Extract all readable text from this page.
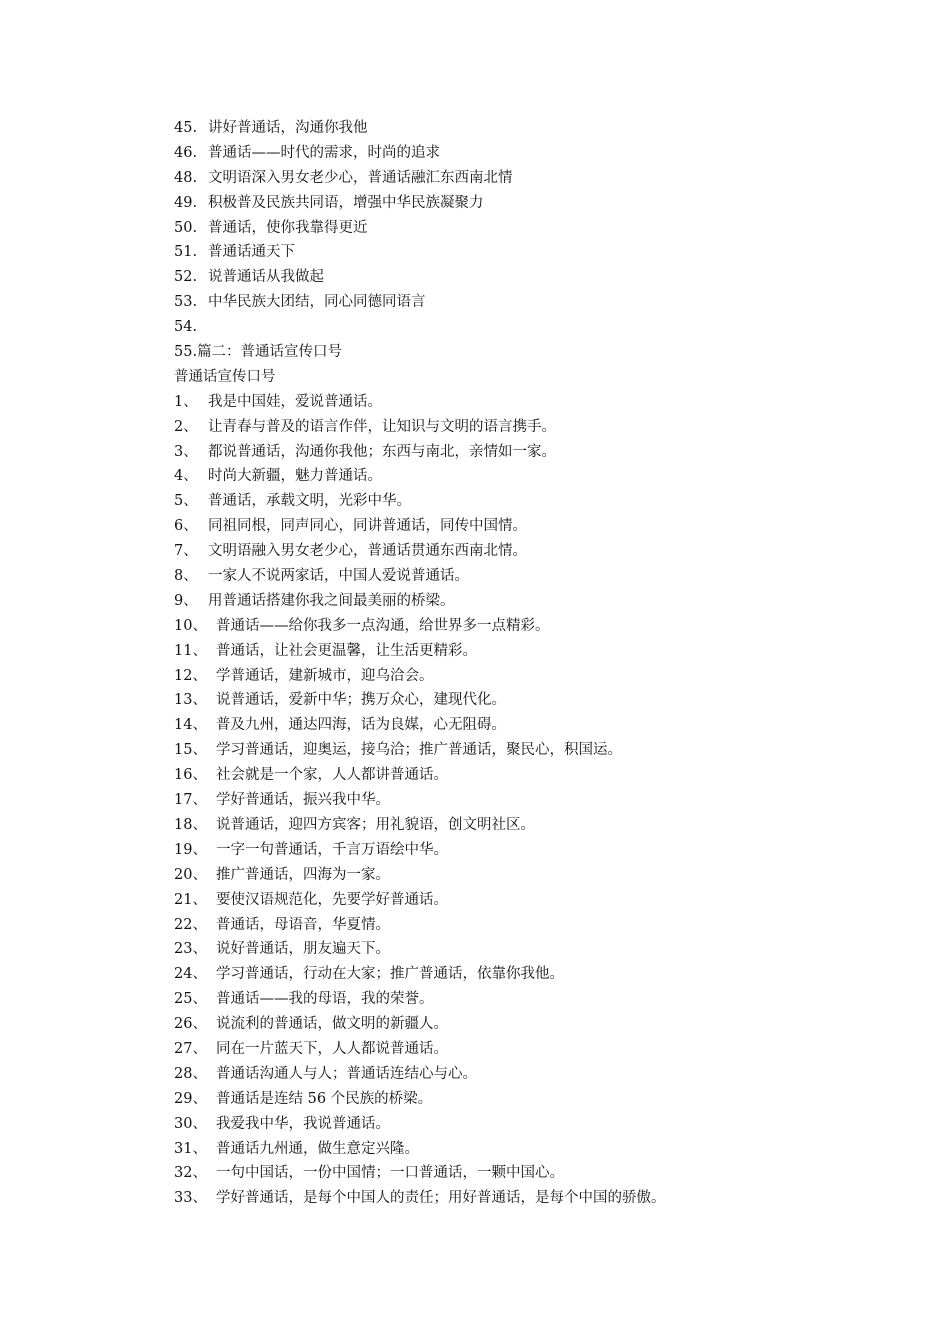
45. 讲好普通话，沟通你我他
46. 普通话——时代的需求，时尚的追求
48. 文明语深入男女老少心，普通话融汇东西南北情
49. 积极普及民族共同语，增强中华民族凝聚力
50. 普通话，使你我靠得更近
51. 普通话通天下
52. 说普通话从我做起
53. 中华民族大团结，同心同德同语言
54.
55.篇二：普通话宣传口号
普通话宣传口号
1、 我是中国娃，爱说普通话。
2、 让青春与普及的语言作伴，让知识与文明的语言携手。
3、 都说普通话，沟通你我他；东西与南北，亲情如一家。
4、 时尚大新疆，魅力普通话。
5、 普通话，承载文明，光彩中华。
6、 同祖同根，同声同心，同讲普通话，同传中国情。
7、 文明语融入男女老少心，普通话贯通东西南北情。
8、 一家人不说两家话，中国人爱说普通话。
9、 用普通话搭建你我之间最美丽的桥梁。
10、 普通话——给你我多一点沟通，给世界多一点精彩。
11、 普通话，让社会更温馨，让生活更精彩。
12、 学普通话，建新城市，迎乌洽会。
13、 说普通话，爱新中华；携万众心，建现代化。
14、 普及九州，通达四海，话为良媒，心无阻碍。
15、 学习普通话，迎奥运，接乌洽；推广普通话，聚民心，积国运。
16、 社会就是一个家，人人都讲普通话。
17、 学好普通话，振兴我中华。
18、 说普通话，迎四方宾客；用礼貌语，创文明社区。
19、 一字一句普通话，千言万语绘中华。
20、 推广普通话，四海为一家。
21、 要使汉语规范化，先要学好普通话。
22、 普通话，母语音，华夏情。
23、 说好普通话，朋友遍天下。
24、 学习普通话，行动在大家；推广普通话，依靠你我他。
25、 普通话——我的母语，我的荣誉。
26、 说流利的普通话，做文明的新疆人。
27、 同在一片蓝天下，人人都说普通话。
28、 普通话沟通人与人；普通话连结心与心。
29、 普通话是连结 56 个民族的桥梁。
30、 我爱我中华，我说普通话。
31、 普通话九州通，做生意定兴隆。
32、 一句中国话，一份中国情；一口普通话，一颗中国心。
33、 学好普通话，是每个中国人的责任；用好普通话，是每个中国的骄傲。
